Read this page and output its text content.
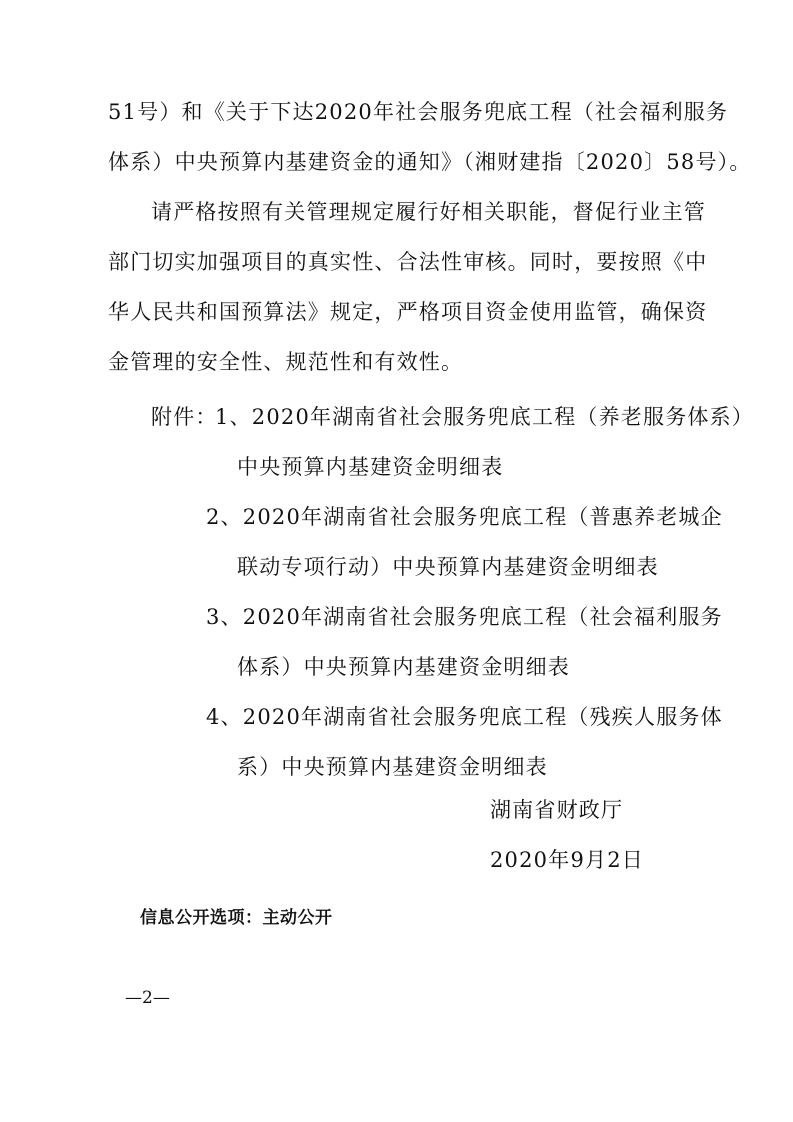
51号）和《关于下达2020年社会服务兜底工程（社会福利服务
体系）中央预算内基建资金的通知》（湘财建指〔2020〕58号）。
请严格按照有关管理规定履行好相关职能，督促行业主管
部门切实加强项目的真实性、合法性审核。同时，要按照《中
华人民共和国预算法》规定，严格项目资金使用监管，确保资
金管理的安全性、规范性和有效性。
附件：
1、2020年湖南省社会服务兜底工程（养老服务体系）
中央预算内基建资金明细表
2、2020年湖南省社会服务兜底工程（普惠养老城企
联动专项行动）中央预算内基建资金明细表
3、2020年湖南省社会服务兜底工程（社会福利服务
体系）中央预算内基建资金明细表
4、2020年湖南省社会服务兜底工程（残疾人服务体
系）中央预算内基建资金明细表
湖南省财政厅
2020年9月2日
信息公开选项：主动公开
—2—
